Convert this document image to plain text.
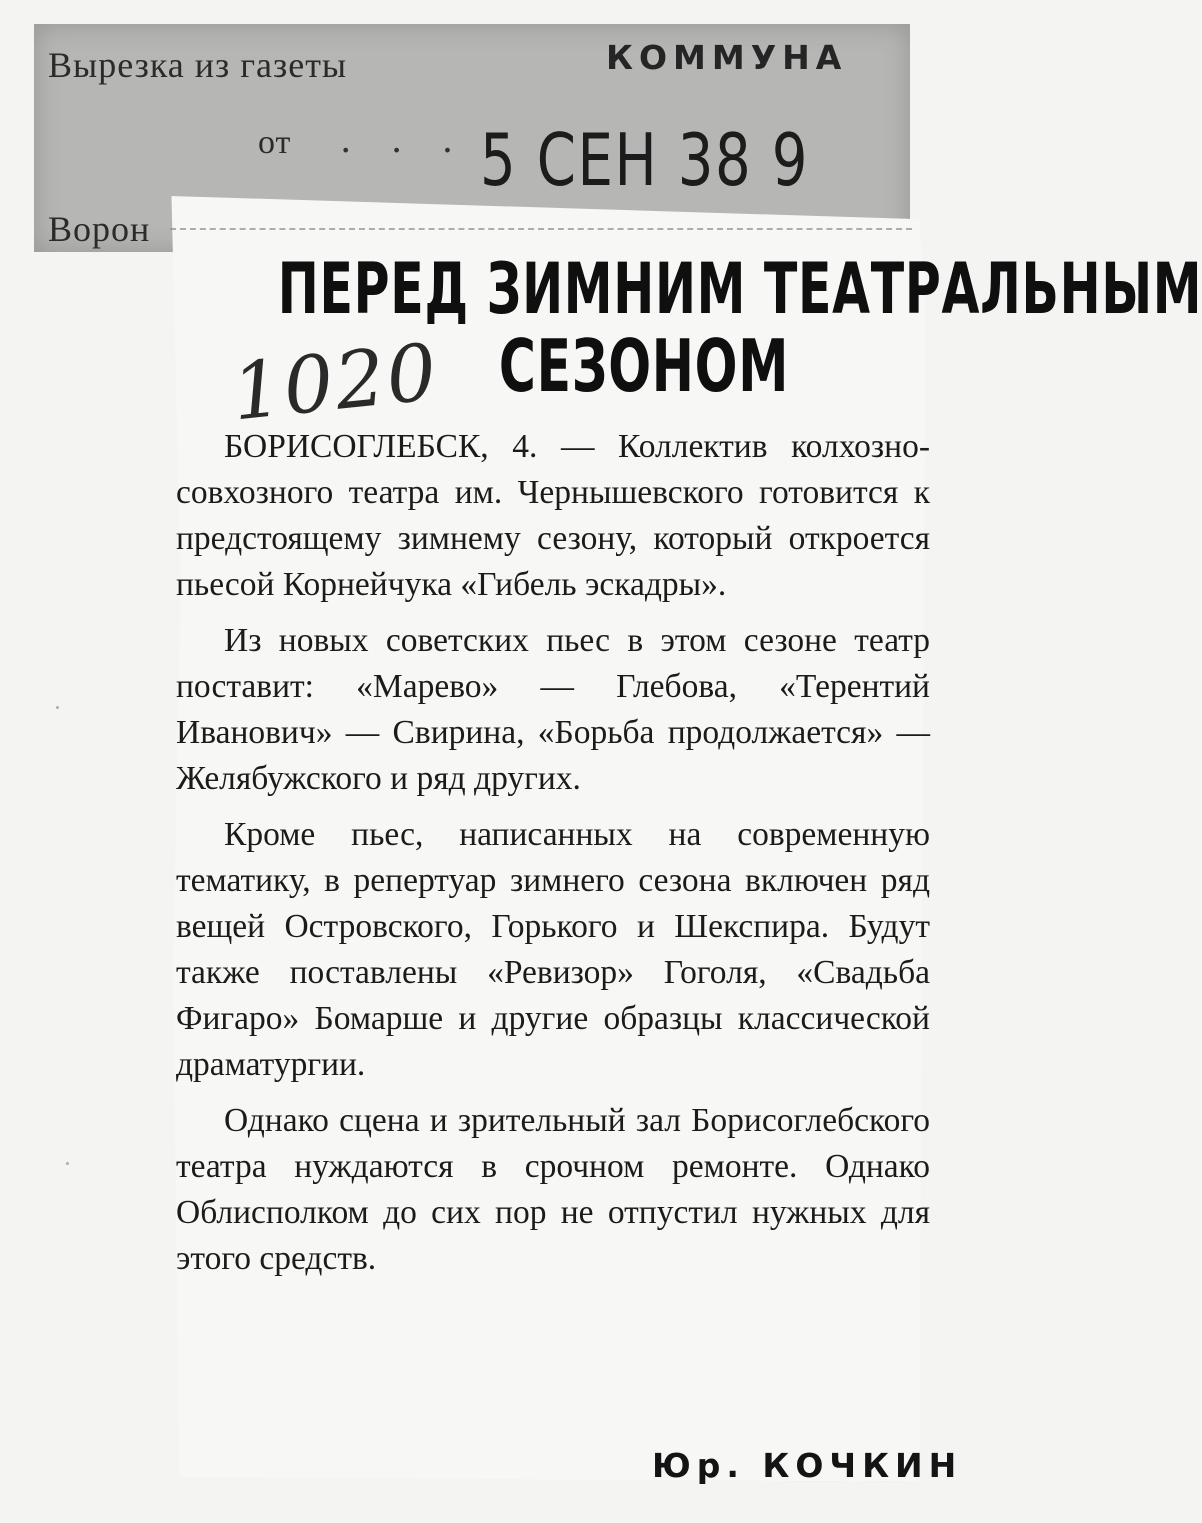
Вырезка из газеты	КОММУНА
от . . . 5 СЕН 38 9
Ворон
ПЕРЕД ЗИМНИМ ТЕАТРАЛЬНЫМ
СЕЗОНОМ
1020

БОРИСОГЛЕБСК, 4. — Коллектив колхозно-совхозного театра им. Чернышевского готовится к предстоящему зимнему сезону, который откроется пьесой Корнейчука «Гибель эскадры».

Из новых советских пьес в этом сезоне театр поставит: «Марево» — Глебова, «Терентий Иванович» — Свирина, «Борьба продолжается» — Желябужского и ряд других.

Кроме пьес, написанных на современную тематику, в репертуар зимнего сезона включен ряд вещей Островского, Горького и Шекспира. Будут также поставлены «Ревизор» Гоголя, «Свадьба Фигаро» Бомарше и другие образцы классической драматургии.

Однако сцена и зрительный зал Борисоглебского театра нуждаются в срочном ремонте. Однако Облисполком до сих пор не отпустил нужных для этого средств.

Юр. КОЧКИН
